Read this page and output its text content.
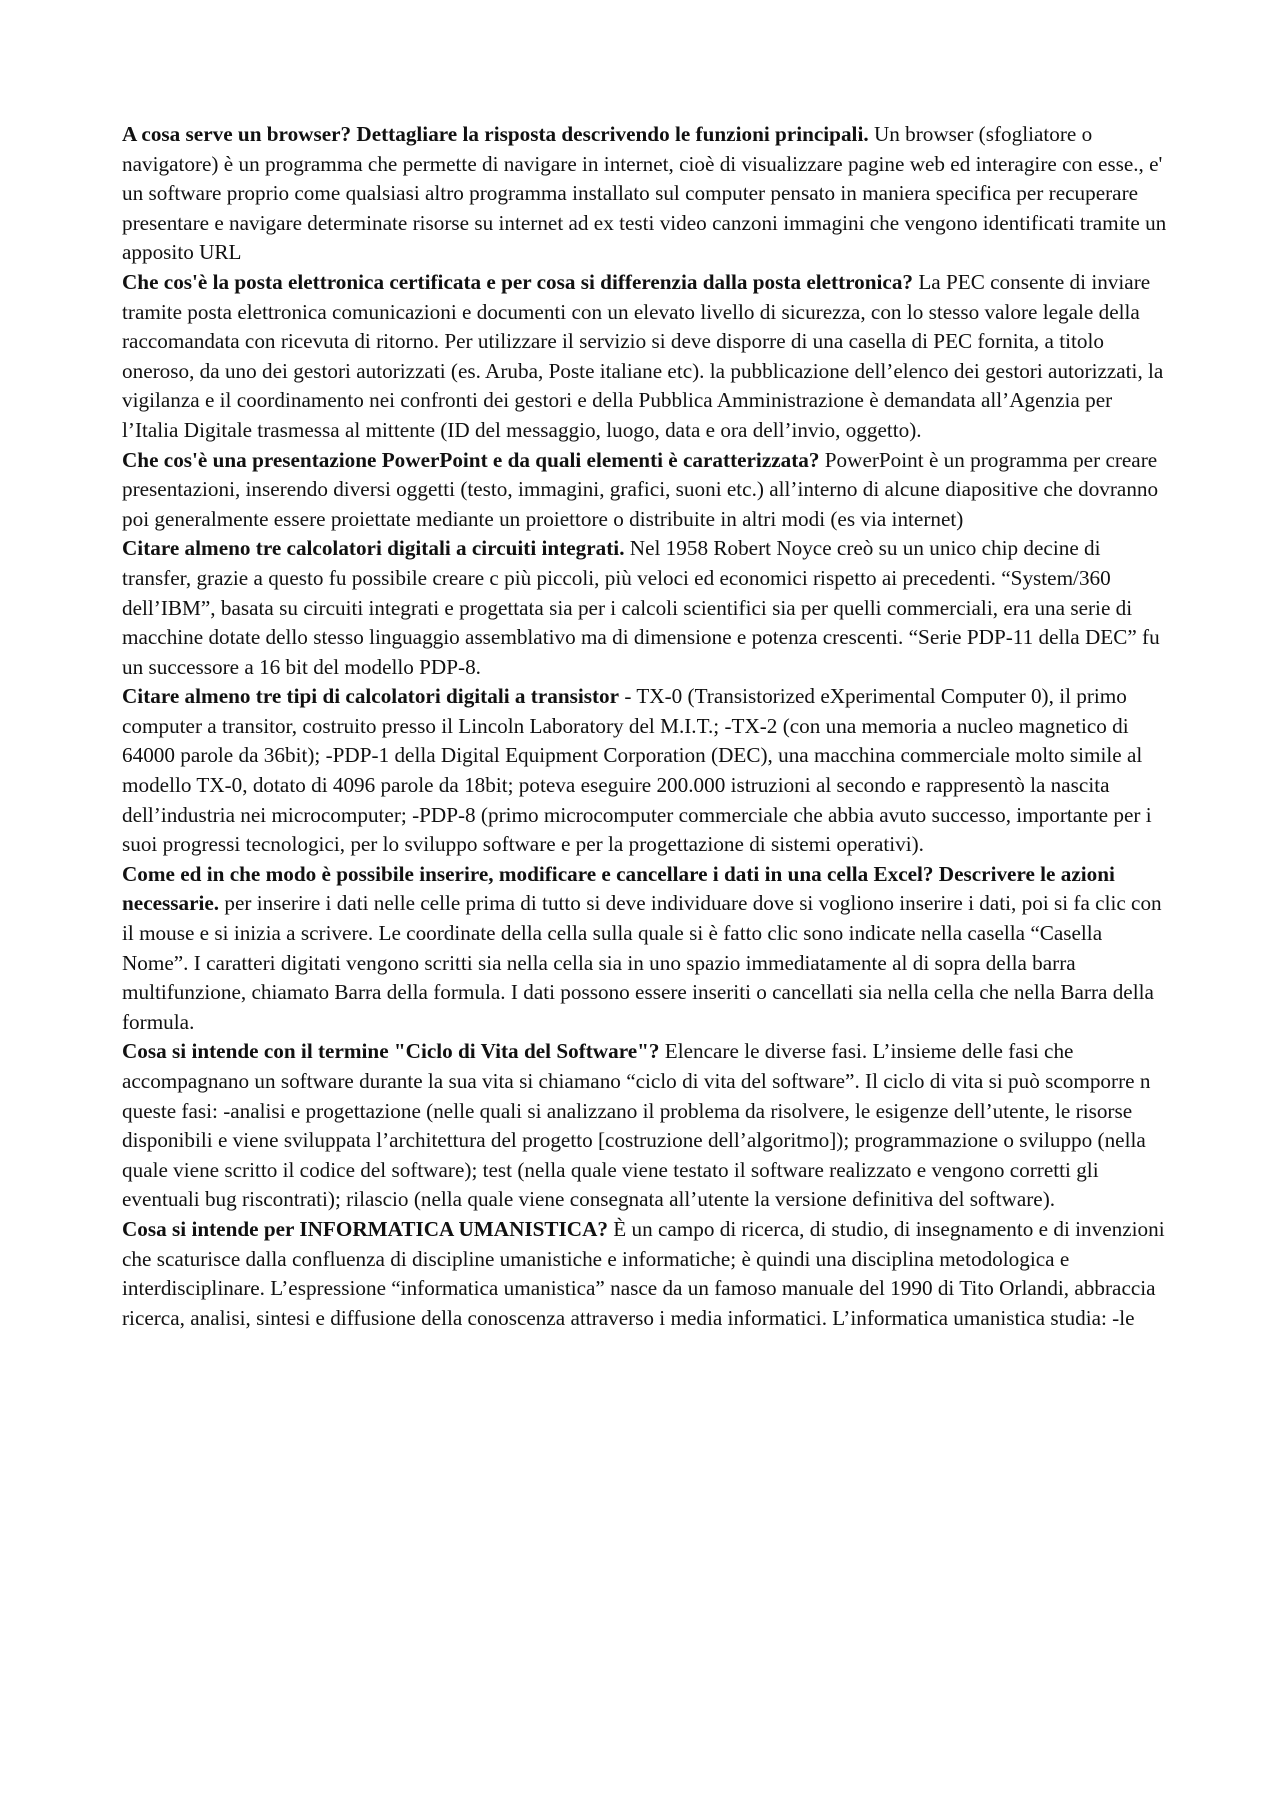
A cosa serve un browser? Dettagliare la risposta descrivendo le funzioni principali. Un browser (sfogliatore o navigatore) è un programma che permette di navigare in internet, cioè di visualizzare pagine web ed interagire con esse., e' un software proprio come qualsiasi altro programma installato sul computer pensato in maniera specifica per recuperare presentare e navigare determinate risorse su internet ad ex testi video canzoni immagini che vengono identificati tramite un apposito URL

Che cos'è la posta elettronica certificata e per cosa si differenzia dalla posta elettronica? La PEC consente di inviare tramite posta elettronica comunicazioni e documenti con un elevato livello di sicurezza, con lo stesso valore legale della raccomandata con ricevuta di ritorno. Per utilizzare il servizio si deve disporre di una casella di PEC fornita, a titolo oneroso, da uno dei gestori autorizzati (es. Aruba, Poste italiane etc). la pubblicazione dell’elenco dei gestori autorizzati, la vigilanza e il coordinamento nei confronti dei gestori e della Pubblica Amministrazione è demandata all’Agenzia per l’Italia Digitale trasmessa al mittente (ID del messaggio, luogo, data e ora dell’invio, oggetto).

Che cos'è una presentazione PowerPoint e da quali elementi è caratterizzata? PowerPoint è un programma per creare presentazioni, inserendo diversi oggetti (testo, immagini, grafici, suoni etc.) all’interno di alcune diapositive che dovranno poi generalmente essere proiettate mediante un proiettore o distribuite in altri modi (es via internet)

Citare almeno tre calcolatori digitali a circuiti integrati. Nel 1958 Robert Noyce creò su un unico chip decine di transfer, grazie a questo fu possibile creare c più piccoli, più veloci ed economici rispetto ai precedenti. “System/360 dell’IBM”, basata su circuiti integrati e progettata sia per i calcoli scientifici sia per quelli commerciali, era una serie di macchine dotate dello stesso linguaggio assemblativo ma di dimensione e potenza crescenti. “Serie PDP-11 della DEC” fu un successore a 16 bit del modello PDP-8.

Citare almeno tre tipi di calcolatori digitali a transistor - TX-0 (Transistorized eXperimental Computer 0), il primo computer a transitor, costruito presso il Lincoln Laboratory del M.I.T.; -TX-2 (con una memoria a nucleo magnetico di 64000 parole da 36bit); -PDP-1 della Digital Equipment Corporation (DEC), una macchina commerciale molto simile al modello TX-0, dotato di 4096 parole da 18bit; poteva eseguire 200.000 istruzioni al secondo e rappresentò la nascita dell’industria nei microcomputer; -PDP-8 (primo microcomputer commerciale che abbia avuto successo, importante per i suoi progressi tecnologici, per lo sviluppo software e per la progettazione di sistemi operativi).

Come ed in che modo è possibile inserire, modificare e cancellare i dati in una cella Excel? Descrivere le azioni necessarie. per inserire i dati nelle celle prima di tutto si deve individuare dove si vogliono inserire i dati, poi si fa clic con il mouse e si inizia a scrivere. Le coordinate della cella sulla quale si è fatto clic sono indicate nella casella “Casella Nome”. I caratteri digitati vengono scritti sia nella cella sia in uno spazio immediatamente al di sopra della barra multifunzione, chiamato Barra della formula. I dati possono essere inseriti o cancellati sia nella cella che nella Barra della formula.

Cosa si intende con il termine "Ciclo di Vita del Software"? Elencare le diverse fasi. L’insieme delle fasi che accompagnano un software durante la sua vita si chiamano “ciclo di vita del software”. Il ciclo di vita si può scomporre n queste fasi: -analisi e progettazione (nelle quali si analizzano il problema da risolvere, le esigenze dell’utente, le risorse disponibili e viene sviluppata l’architettura del progetto [costruzione dell’algoritmo]); programmazione o sviluppo (nella quale viene scritto il codice del software); test (nella quale viene testato il software realizzato e vengono corretti gli eventuali bug riscontrati); rilascio (nella quale viene consegnata all’utente la versione definitiva del software).

Cosa si intende per INFORMATICA UMANISTICA? È un campo di ricerca, di studio, di insegnamento e di invenzioni che scaturisce dalla confluenza di discipline umanistiche e informatiche; è quindi una disciplina metodologica e interdisciplinare. L’espressione “informatica umanistica” nasce da un famoso manuale del 1990 di Tito Orlandi, abbraccia ricerca, analisi, sintesi e diffusione della conoscenza attraverso i media informatici. L’informatica umanistica studia: -le
